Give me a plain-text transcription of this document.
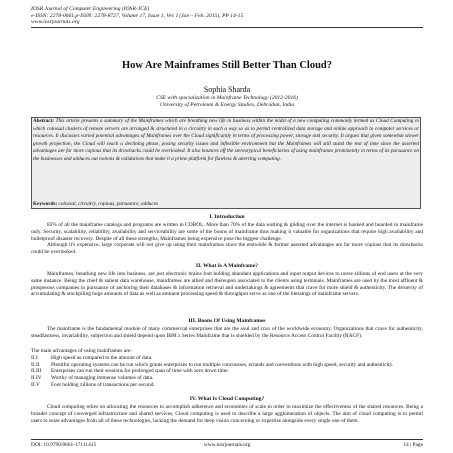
IOSR Journal of Computer Engineering (IOSR-JCE)
e-ISSN: 2278-0661,p-ISSN: 2278-8727, Volume 17, Issue 1, Ver. I (Jan – Feb. 2015), PP 14-15
www.iosrjournals.org
How Are Mainframes Still Better Than Cloud?
Sophia Sharda
CSE with specialization in Mainframe Technology (2012-2016)
University of Petroleum & Energy Studies, Dehradun, India
Abstract: This article presents a summary of the Mainframes which are breathing new life in business within the midst of a new computing commonly termed as Cloud Computing in which colossal clusters of remote servers are arranged & structured in a circuitry in such a way so as to permit centralized data storage and online approach to computer services or resources. It discusses varied potential advantages of Mainframes over the Cloud significantly in terms of processing power, storage and security. It argues that given somewhat slower growth projection, the Cloud will reach a declining phase, posing security issues and inflexible environment but the Mainframes will still stand the test of time since the asserted advantages are far more copious that its drawbacks could be overlooked. It also bounces off the stereotypical beneficiaries of using mainframes prominently in terms of its pursuance on the businesses and adduces out notions & validations that make it a prime platform for flawless & unerring computing.
Keywords: colossal, circuitry, copious, pursuance, adduces
I. Introduction
85% of all the mainframe catalogs and programs are written in COBOL. More than 70% of the data watling & gliding over the internet is banked and hoarded in mainframe only. Security, scalability, reliability, availability and serviceability are some of the boons of mainframe thus making it valuable for organizations that require high availability and bulletproof disaster recovery. Despite of all these strengths, Mainframes being expensive pose the biggest challenge.
Although it's expensive, large corporate will not give up using their mainframes since the erstwhile & former asserted advantages are far more copious that its drawbacks could be overlooked.
II. What Is A Mainframe?
Mainframes, breathing new life into business, are just electronic brains foot holding abundant applications and input output devices to nurse zillions of end users at the very same instance. Being the chief & salient data warehouse, mainframes are allied and thereupon associated to the clients using terminals. Mainframes are used by the most affluent & prosperous companies in pursuance of anchoring their databases & information retrieval and undertakings & agreements that crave for more shield & authenticity. The dexterity of accumulating & stockpiling huge amounts of data as well as eminent processing speed & throughput serve as one of the blessings of mainframe servers.
III. Boons Of Using Mainframes
The mainframe is the fundamental module of many commercial enterprises that are the soul and crux of the worldwide economy. Organizations that crave for authenticity, steadfastness, invariability, subjection and shield depend upon IBM z Series Mainframe that is shielded by the Resource Access Control Facility (RACF).
The main advantages of using mainframes are:
II.I	High speed as compared to the amount of data.
II.II	Plentiful operating systems can be run which grants enterprises to run multiple concourses, errands and conventions with high speed, security and authenticity.
II.III	Enterprises can run their sessions for prolonged span of time with zero down time.
II.IV	Worthy of managing immense volumes of data.
II.V	Foot holding zillions of transactions per second.
IV. What Is Cloud Computing?
Cloud computing relies on allocating the resources to accomplish adherence and economies of scale in order to maximize the effectiveness of the shared resources. Being a broader concept of converged infrastructure and shared services, Cloud computing is used to describe a large agglomeration of objects. The aim of cloud computing is to permit users to seize advantages from all of these technologies, lacking the demand for deep vision concerning or expertise alongside every single one of them.
DOI: 10.9790/0661-17111415	www.iosrjournals.org	14 | Page
